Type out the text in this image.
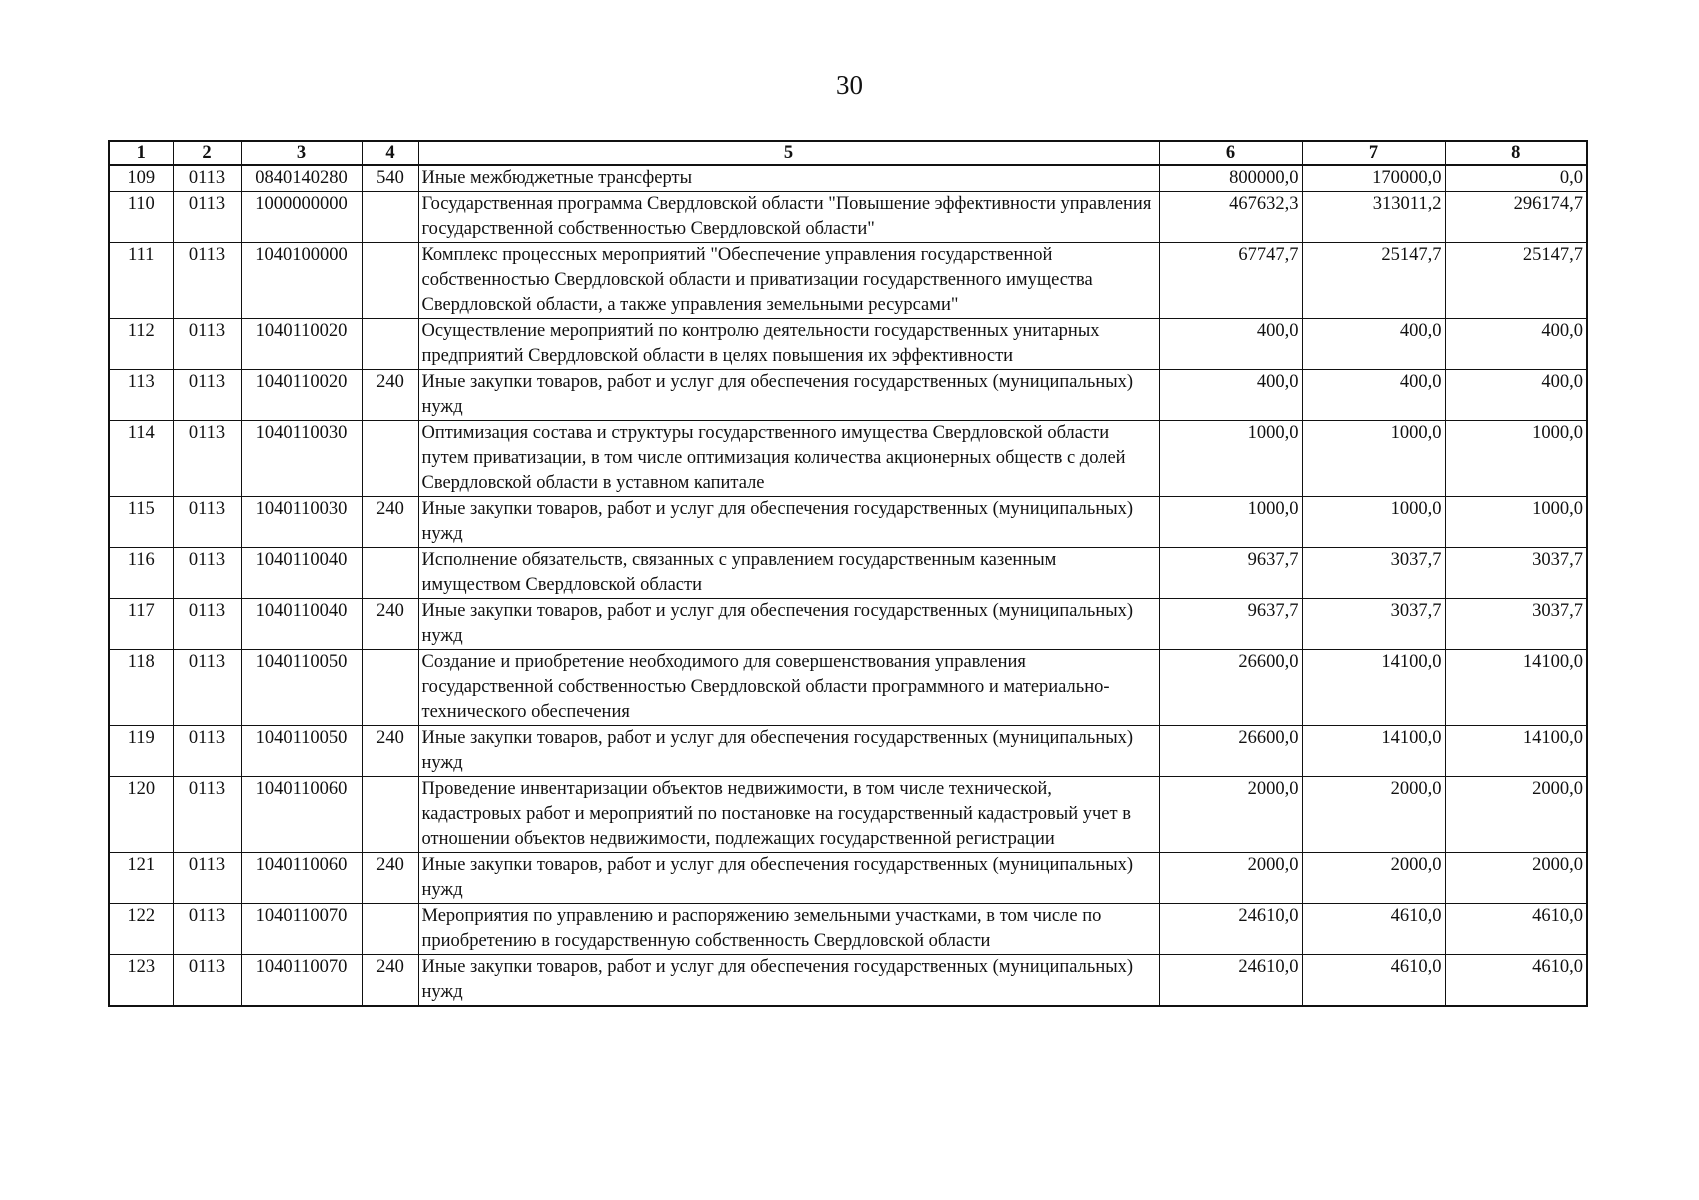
30
1	2	3	4	5	6	7	8
109	0113	0840140280	540	Иные межбюджетные трансферты	800000,0	170000,0	0,0
110	0113	1000000000		Государственная программа Свердловской области "Повышение эффективности управления государственной собственностью Свердловской области"	467632,3	313011,2	296174,7
111	0113	1040100000		Комплекс процессных мероприятий "Обеспечение управления государственной собственностью Свердловской области и приватизации государственного имущества Свердловской области, а также управления земельными ресурсами"	67747,7	25147,7	25147,7
112	0113	1040110020		Осуществление мероприятий по контролю деятельности государственных унитарных предприятий Свердловской области в целях повышения их эффективности	400,0	400,0	400,0
113	0113	1040110020	240	Иные закупки товаров, работ и услуг для обеспечения государственных (муниципальных) нужд	400,0	400,0	400,0
114	0113	1040110030		Оптимизация состава и структуры государственного имущества Свердловской области путем приватизации, в том числе оптимизация количества акционерных обществ с долей Свердловской области в уставном капитале	1000,0	1000,0	1000,0
115	0113	1040110030	240	Иные закупки товаров, работ и услуг для обеспечения государственных (муниципальных) нужд	1000,0	1000,0	1000,0
116	0113	1040110040		Исполнение обязательств, связанных с управлением государственным казенным имуществом Свердловской области	9637,7	3037,7	3037,7
117	0113	1040110040	240	Иные закупки товаров, работ и услуг для обеспечения государственных (муниципальных) нужд	9637,7	3037,7	3037,7
118	0113	1040110050		Создание и приобретение необходимого для совершенствования управления государственной собственностью Свердловской области программного и материально-технического обеспечения	26600,0	14100,0	14100,0
119	0113	1040110050	240	Иные закупки товаров, работ и услуг для обеспечения государственных (муниципальных) нужд	26600,0	14100,0	14100,0
120	0113	1040110060		Проведение инвентаризации объектов недвижимости, в том числе технической, кадастровых работ и мероприятий по постановке на государственный кадастровый учет в отношении объектов недвижимости, подлежащих государственной регистрации	2000,0	2000,0	2000,0
121	0113	1040110060	240	Иные закупки товаров, работ и услуг для обеспечения государственных (муниципальных) нужд	2000,0	2000,0	2000,0
122	0113	1040110070		Мероприятия по управлению и распоряжению земельными участками, в том числе по приобретению в государственную собственность Свердловской области	24610,0	4610,0	4610,0
123	0113	1040110070	240	Иные закупки товаров, работ и услуг для обеспечения государственных (муниципальных) нужд	24610,0	4610,0	4610,0
